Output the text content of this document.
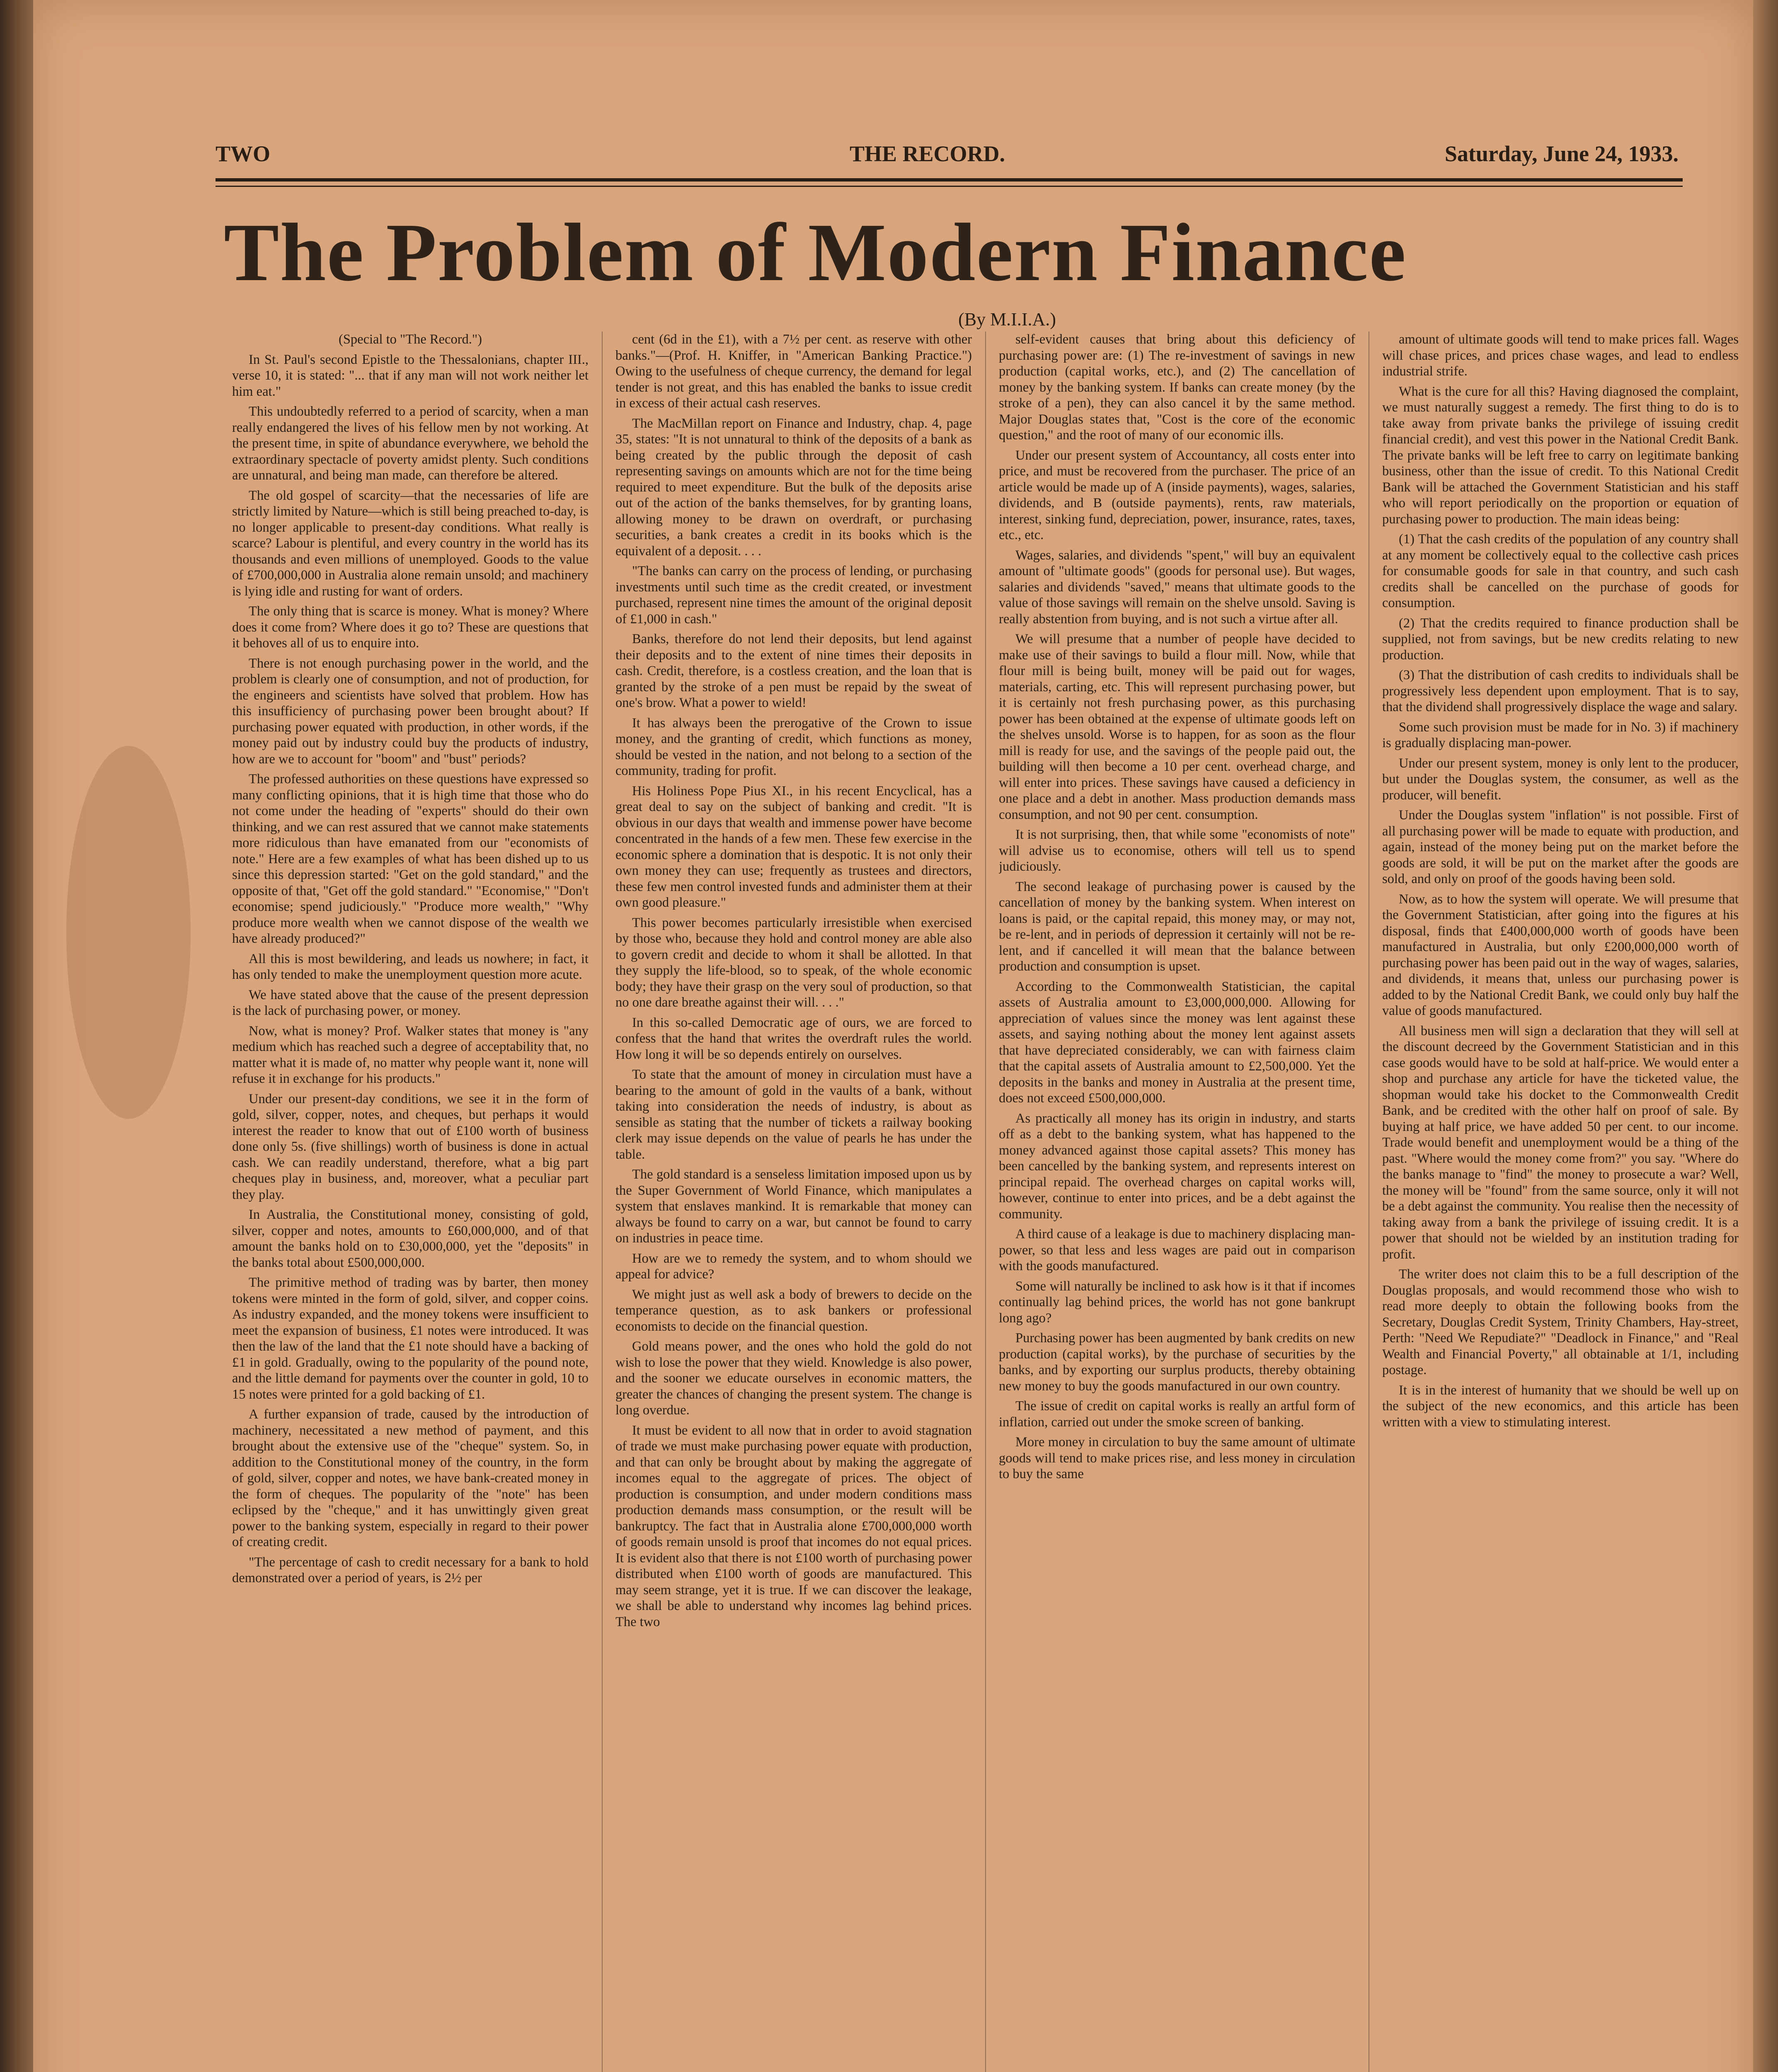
TWO	THE RECORD.	Saturday, June 24, 1933.
The Problem of Modern Finance
(By M.I.I.A.)

(Special to "The Record.")

In St. Paul's second Epistle to the Thessalonians, chapter III., verse 10, it is stated: "... that if any man will not work neither let him eat."

This undoubtedly referred to a period of scarcity, when a man really endangered the lives of his fellow men by not working. At the present time, in spite of abundance everywhere, we behold the extraordinary spectacle of poverty amidst plenty. Such conditions are unnatural, and being man made, can therefore be altered.

The old gospel of scarcity—that the necessaries of life are strictly limited by Nature—which is still being preached to-day, is no longer applicable to present-day conditions. What really is scarce? Labour is plentiful, and every country in the world has its thousands and even millions of unemployed. Goods to the value of £700,000,000 in Australia alone remain unsold; and machinery is lying idle and rusting for want of orders.

The only thing that is scarce is money. What is money? Where does it come from? Where does it go to? These are questions that it behoves all of us to enquire into.

There is not enough purchasing power in the world, and the problem is clearly one of consumption, and not of production, for the engineers and scientists have solved that problem. How has this insufficiency of purchasing power been brought about? If purchasing power equated with production, in other words, if the money paid out by industry could buy the products of industry, how are we to account for "boom" and "bust" periods?

The professed authorities on these questions have expressed so many conflicting opinions, that it is high time that those who do not come under the heading of "experts" should do their own thinking, and we can rest assured that we cannot make statements more ridiculous than have emanated from our "economists of note." Here are a few examples of what has been dished up to us since this depression started: "Get on the gold standard," and the opposite of that, "Get off the gold standard." "Economise," "Don't economise; spend judiciously." "Produce more wealth," "Why produce more wealth when we cannot dispose of the wealth we have already produced?"

All this is most bewildering, and leads us nowhere; in fact, it has only tended to make the unemployment question more acute.

We have stated above that the cause of the present depression is the lack of purchasing power, or money.

Now, what is money? Prof. Walker states that money is "any medium which has reached such a degree of acceptability that, no matter what it is made of, no matter why people want it, none will refuse it in exchange for his products."

Under our present-day conditions, we see it in the form of gold, silver, copper, notes, and cheques, but perhaps it would interest the reader to know that out of £100 worth of business done only 5s. (five shillings) worth of business is done in actual cash. We can readily understand, therefore, what a big part cheques play in business, and, moreover, what a peculiar part they play.

In Australia, the Constitutional money, consisting of gold, silver, copper and notes, amounts to £60,000,000, and of that amount the banks hold on to £30,000,000, yet the "deposits" in the banks total about £500,000,000.

The primitive method of trading was by barter, then money tokens were minted in the form of gold, silver, and copper coins. As industry expanded, and the money tokens were insufficient to meet the expansion of business, £1 notes were introduced. It was then the law of the land that the £1 note should have a backing of £1 in gold. Gradually, owing to the popularity of the pound note, and the little demand for payments over the counter in gold, 10 to 15 notes were printed for a gold backing of £1.

A further expansion of trade, caused by the introduction of machinery, necessitated a new method of payment, and this brought about the extensive use of the "cheque" system. So, in addition to the Constitutional money of the country, in the form of gold, silver, copper and notes, we have bank-created money in the form of cheques. The popularity of the "note" has been eclipsed by the "cheque," and it has unwittingly given great power to the banking system, especially in regard to their power of creating credit.

"The percentage of cash to credit necessary for a bank to hold demonstrated over a period of years, is 2½ per

cent (6d in the £1), with a 7½ per cent. as reserve with other banks."—(Prof. H. Kniffer, in "American Banking Practice.") Owing to the usefulness of cheque currency, the demand for legal tender is not great, and this has enabled the banks to issue credit in excess of their actual cash reserves.

The MacMillan report on Finance and Industry, chap. 4, page 35, states: "It is not unnatural to think of the deposits of a bank as being created by the public through the deposit of cash representing savings on amounts which are not for the time being required to meet expenditure. But the bulk of the deposits arise out of the action of the banks themselves, for by granting loans, allowing money to be drawn on overdraft, or purchasing securities, a bank creates a credit in its books which is the equivalent of a deposit. . . .

"The banks can carry on the process of lending, or purchasing investments until such time as the credit created, or investment purchased, represent nine times the amount of the original deposit of £1,000 in cash."

Banks, therefore do not lend their deposits, but lend against their deposits and to the extent of nine times their deposits in cash. Credit, therefore, is a costless creation, and the loan that is granted by the stroke of a pen must be repaid by the sweat of one's brow. What a power to wield!

It has always been the prerogative of the Crown to issue money, and the granting of credit, which functions as money, should be vested in the nation, and not belong to a section of the community, trading for profit.

His Holiness Pope Pius XI., in his recent Encyclical, has a great deal to say on the subject of banking and credit. "It is obvious in our days that wealth and immense power have become concentrated in the hands of a few men. These few exercise in the economic sphere a domination that is despotic. It is not only their own money they can use; frequently as trustees and directors, these few men control invested funds and administer them at their own good pleasure."

This power becomes particularly irresistible when exercised by those who, because they hold and control money are able also to govern credit and decide to whom it shall be allotted. In that they supply the life-blood, so to speak, of the whole economic body; they have their grasp on the very soul of production, so that no one dare breathe against their will. . . ."

In this so-called Democratic age of ours, we are forced to confess that the hand that writes the overdraft rules the world. How long it will be so depends entirely on ourselves.

To state that the amount of money in circulation must have a bearing to the amount of gold in the vaults of a bank, without taking into consideration the needs of industry, is about as sensible as stating that the number of tickets a railway booking clerk may issue depends on the value of pearls he has under the table.

The gold standard is a senseless limitation imposed upon us by the Super Government of World Finance, which manipulates a system that enslaves mankind. It is remarkable that money can always be found to carry on a war, but cannot be found to carry on industries in peace time.

How are we to remedy the system, and to whom should we appeal for advice?

We might just as well ask a body of brewers to decide on the temperance question, as to ask bankers or professional economists to decide on the financial question.

Gold means power, and the ones who hold the gold do not wish to lose the power that they wield. Knowledge is also power, and the sooner we educate ourselves in economic matters, the greater the chances of changing the present system. The change is long overdue.

It must be evident to all now that in order to avoid stagnation of trade we must make purchasing power equate with production, and that can only be brought about by making the aggregate of incomes equal to the aggregate of prices. The object of production is consumption, and under modern conditions mass production demands mass consumption, or the result will be bankruptcy. The fact that in Australia alone £700,000,000 worth of goods remain unsold is proof that incomes do not equal prices. It is evident also that there is not £100 worth of purchasing power distributed when £100 worth of goods are manufactured. This may seem strange, yet it is true. If we can discover the leakage, we shall be able to understand why incomes lag behind prices. The two

self-evident causes that bring about this deficiency of purchasing power are: (1) The re-investment of savings in new production (capital works, etc.), and (2) The cancellation of money by the banking system. If banks can create money (by the stroke of a pen), they can also cancel it by the same method. Major Douglas states that, "Cost is the core of the economic question," and the root of many of our economic ills.

Under our present system of Accountancy, all costs enter into price, and must be recovered from the purchaser. The price of an article would be made up of A (inside payments), wages, salaries, dividends, and B (outside payments), rents, raw materials, interest, sinking fund, depreciation, power, insurance, rates, taxes, etc., etc.

Wages, salaries, and dividends "spent," will buy an equivalent amount of "ultimate goods" (goods for personal use). But wages, salaries and dividends "saved," means that ultimate goods to the value of those savings will remain on the shelve unsold. Saving is really abstention from buying, and is not such a virtue after all.

We will presume that a number of people have decided to make use of their savings to build a flour mill. Now, while that flour mill is being built, money will be paid out for wages, materials, carting, etc. This will represent purchasing power, but it is certainly not fresh purchasing power, as this purchasing power has been obtained at the expense of ultimate goods left on the shelves unsold. Worse is to happen, for as soon as the flour mill is ready for use, and the savings of the people paid out, the building will then become a 10 per cent. overhead charge, and will enter into prices. These savings have caused a deficiency in one place and a debt in another. Mass production demands mass consumption, and not 90 per cent. consumption.

It is not surprising, then, that while some "economists of note" will advise us to economise, others will tell us to spend judiciously.

The second leakage of purchasing power is caused by the cancellation of money by the banking system. When interest on loans is paid, or the capital repaid, this money may, or may not, be re-lent, and in periods of depression it certainly will not be re-lent, and if cancelled it will mean that the balance between production and consumption is upset.

According to the Commonwealth Statistician, the capital assets of Australia amount to £3,000,000,000. Allowing for appreciation of values since the money was lent against these assets, and saying nothing about the money lent against assets that have depreciated considerably, we can with fairness claim that the capital assets of Australia amount to £2,500,000. Yet the deposits in the banks and money in Australia at the present time, does not exceed £500,000,000.

As practically all money has its origin in industry, and starts off as a debt to the banking system, what has happened to the money advanced against those capital assets? This money has been cancelled by the banking system, and represents interest on principal repaid. The overhead charges on capital works will, however, continue to enter into prices, and be a debt against the community.

A third cause of a leakage is due to machinery displacing man-power, so that less and less wages are paid out in comparison with the goods manufactured.

Some will naturally be inclined to ask how is it that if incomes continually lag behind prices, the world has not gone bankrupt long ago?

Purchasing power has been augmented by bank credits on new production (capital works), by the purchase of securities by the banks, and by exporting our surplus products, thereby obtaining new money to buy the goods manufactured in our own country.

The issue of credit on capital works is really an artful form of inflation, carried out under the smoke screen of banking.

More money in circulation to buy the same amount of ultimate goods will tend to make prices rise, and less money in circulation to buy the same

amount of ultimate goods will tend to make prices fall. Wages will chase prices, and prices chase wages, and lead to endless industrial strife.

What is the cure for all this? Having diagnosed the complaint, we must naturally suggest a remedy. The first thing to do is to take away from private banks the privilege of issuing credit financial credit), and vest this power in the National Credit Bank. The private banks will be left free to carry on legitimate banking business, other than the issue of credit. To this National Credit Bank will be attached the Government Statistician and his staff who will report periodically on the proportion or equation of purchasing power to production. The main ideas being:

(1) That the cash credits of the population of any country shall at any moment be collectively equal to the collective cash prices for consumable goods for sale in that country, and such cash credits shall be cancelled on the purchase of goods for consumption.

(2) That the credits required to finance production shall be supplied, not from savings, but be new credits relating to new production.

(3) That the distribution of cash credits to individuals shall be progressively less dependent upon employment. That is to say, that the dividend shall progressively displace the wage and salary.

Some such provision must be made for in No. 3) if machinery is gradually displacing man-power.

Under our present system, money is only lent to the producer, but under the Douglas system, the consumer, as well as the producer, will benefit.

Under the Douglas system "inflation" is not possible. First of all purchasing power will be made to equate with production, and again, instead of the money being put on the market before the goods are sold, it will be put on the market after the goods are sold, and only on proof of the goods having been sold.

Now, as to how the system will operate. We will presume that the Government Statistician, after going into the figures at his disposal, finds that £400,000,000 worth of goods have been manufactured in Australia, but only £200,000,000 worth of purchasing power has been paid out in the way of wages, salaries, and dividends, it means that, unless our purchasing power is added to by the National Credit Bank, we could only buy half the value of goods manufactured.

All business men will sign a declaration that they will sell at the discount decreed by the Government Statistician and in this case goods would have to be sold at half-price. We would enter a shop and purchase any article for have the ticketed value, the shopman would take his docket to the Commonwealth Credit Bank, and be credited with the other half on proof of sale. By buying at half price, we have added 50 per cent. to our income. Trade would benefit and unemployment would be a thing of the past. "Where would the money come from?" you say. "Where do the banks manage to "find" the money to prosecute a war? Well, the money will be "found" from the same source, only it will not be a debt against the community. You realise then the necessity of taking away from a bank the privilege of issuing credit. It is a power that should not be wielded by an institution trading for profit.

The writer does not claim this to be a full description of the Douglas proposals, and would recommend those who wish to read more deeply to obtain the following books from the Secretary, Douglas Credit System, Trinity Chambers, Hay-street, Perth: "Need We Repudiate?" "Deadlock in Finance," and "Real Wealth and Financial Poverty," all obtainable at 1/1, including postage.

It is in the interest of humanity that we should be well up on the subject of the new economics, and this article has been written with a view to stimulating interest.
